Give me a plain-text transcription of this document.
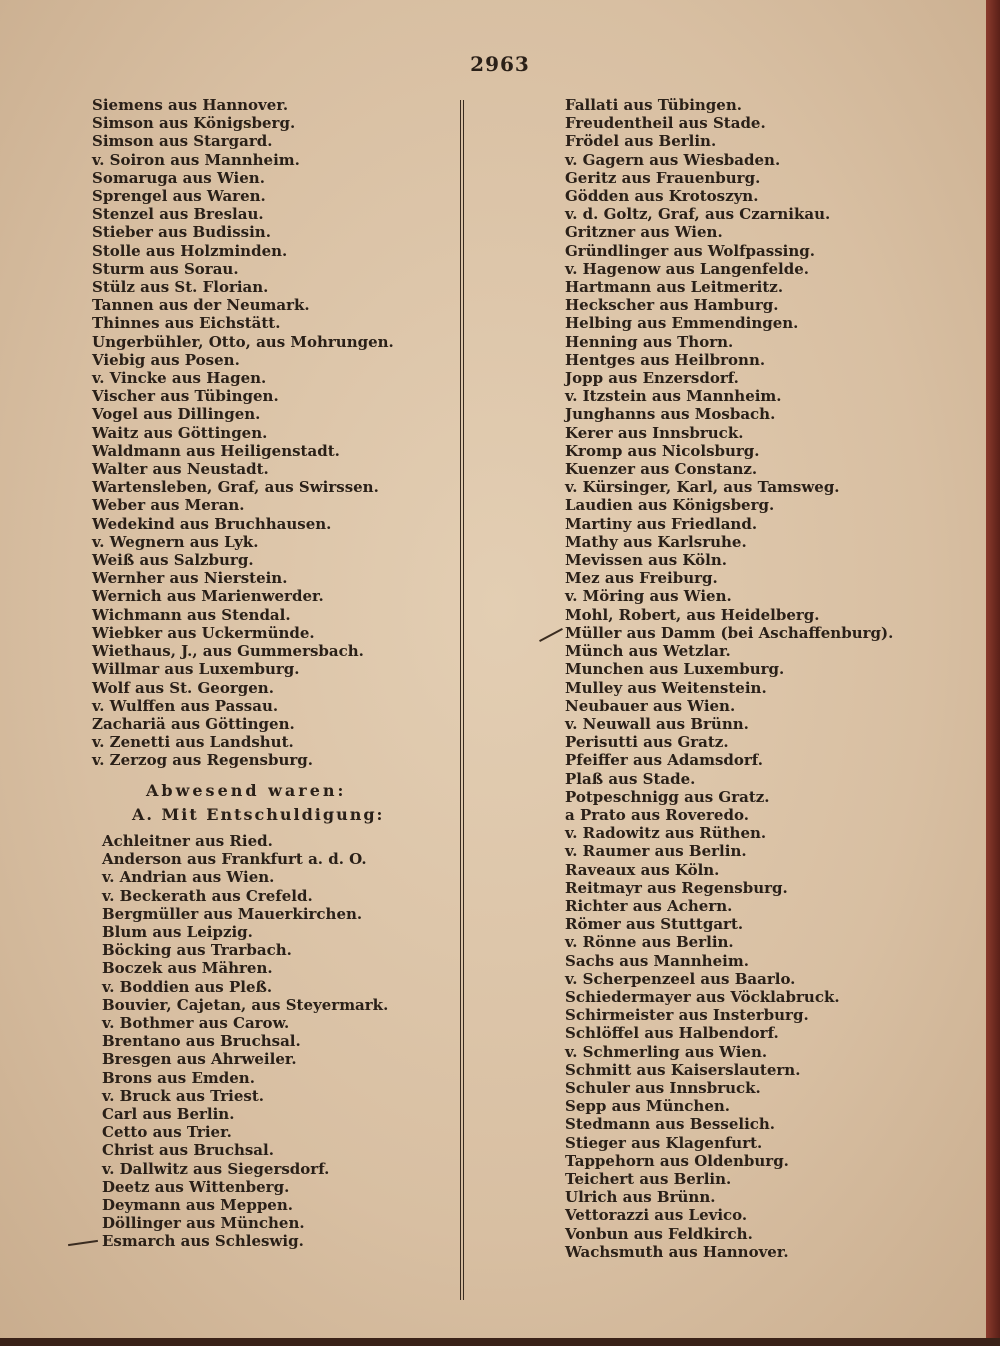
2963
Siemens aus Hannover.
Simson aus Königsberg.
Simson aus Stargard.
v. Soiron aus Mannheim.
Somaruga aus Wien.
Sprengel aus Waren.
Stenzel aus Breslau.
Stieber aus Budissin.
Stolle aus Holzminden.
Sturm aus Sorau.
Stülz aus St. Florian.
Tannen aus der Neumark.
Thinnes aus Eichstätt.
Ungerbühler, Otto, aus Mohrungen.
Viebig aus Posen.
v. Vincke aus Hagen.
Vischer aus Tübingen.
Vogel aus Dillingen.
Waitz aus Göttingen.
Waldmann aus Heiligenstadt.
Walter aus Neustadt.
Wartensleben, Graf, aus Swirssen.
Weber aus Meran.
Wedekind aus Bruchhausen.
v. Wegnern aus Lyk.
Weiß aus Salzburg.
Wernher aus Nierstein.
Wernich aus Marienwerder.
Wichmann aus Stendal.
Wiebker aus Uckermünde.
Wiethaus, J., aus Gummersbach.
Willmar aus Luxemburg.
Wolf aus St. Georgen.
v. Wulffen aus Passau.
Zachariä aus Göttingen.
v. Zenetti aus Landshut.
v. Zerzog aus Regensburg.
Abwesend waren:
A. Mit Entschuldigung:
Achleitner aus Ried.
Anderson aus Frankfurt a. d. O.
v. Andrian aus Wien.
v. Beckerath aus Crefeld.
Bergmüller aus Mauerkirchen.
Blum aus Leipzig.
Böcking aus Trarbach.
Boczek aus Mähren.
v. Boddien aus Pleß.
Bouvier, Cajetan, aus Steyermark.
v. Bothmer aus Carow.
Brentano aus Bruchsal.
Bresgen aus Ahrweiler.
Brons aus Emden.
v. Bruck aus Triest.
Carl aus Berlin.
Cetto aus Trier.
Christ aus Bruchsal.
v. Dallwitz aus Siegersdorf.
Deetz aus Wittenberg.
Deymann aus Meppen.
Döllinger aus München.
Esmarch aus Schleswig.
Fallati aus Tübingen.
Freudentheil aus Stade.
Frödel aus Berlin.
v. Gagern aus Wiesbaden.
Geritz aus Frauenburg.
Gödden aus Krotoszyn.
v. d. Goltz, Graf, aus Czarnikau.
Gritzner aus Wien.
Gründlinger aus Wolfpassing.
v. Hagenow aus Langenfelde.
Hartmann aus Leitmeritz.
Heckscher aus Hamburg.
Helbing aus Emmendingen.
Henning aus Thorn.
Hentges aus Heilbronn.
Jopp aus Enzersdorf.
v. Itzstein aus Mannheim.
Junghanns aus Mosbach.
Kerer aus Innsbruck.
Kromp aus Nicolsburg.
Kuenzer aus Constanz.
v. Kürsinger, Karl, aus Tamsweg.
Laudien aus Königsberg.
Martiny aus Friedland.
Mathy aus Karlsruhe.
Mevissen aus Köln.
Mez aus Freiburg.
v. Möring aus Wien.
Mohl, Robert, aus Heidelberg.
Müller aus Damm (bei Aschaffenburg).
Münch aus Wetzlar.
Munchen aus Luxemburg.
Mulley aus Weitenstein.
Neubauer aus Wien.
v. Neuwall aus Brünn.
Perisutti aus Gratz.
Pfeiffer aus Adamsdorf.
Plaß aus Stade.
Potpeschnigg aus Gratz.
a Prato aus Roveredo.
v. Radowitz aus Rüthen.
v. Raumer aus Berlin.
Raveaux aus Köln.
Reitmayr aus Regensburg.
Richter aus Achern.
Römer aus Stuttgart.
v. Rönne aus Berlin.
Sachs aus Mannheim.
v. Scherpenzeel aus Baarlo.
Schiedermayer aus Vöcklabruck.
Schirmeister aus Insterburg.
Schlöffel aus Halbendorf.
v. Schmerling aus Wien.
Schmitt aus Kaiserslautern.
Schuler aus Innsbruck.
Sepp aus München.
Stedmann aus Besselich.
Stieger aus Klagenfurt.
Tappehorn aus Oldenburg.
Teichert aus Berlin.
Ulrich aus Brünn.
Vettorazzi aus Levico.
Vonbun aus Feldkirch.
Wachsmuth aus Hannover.
